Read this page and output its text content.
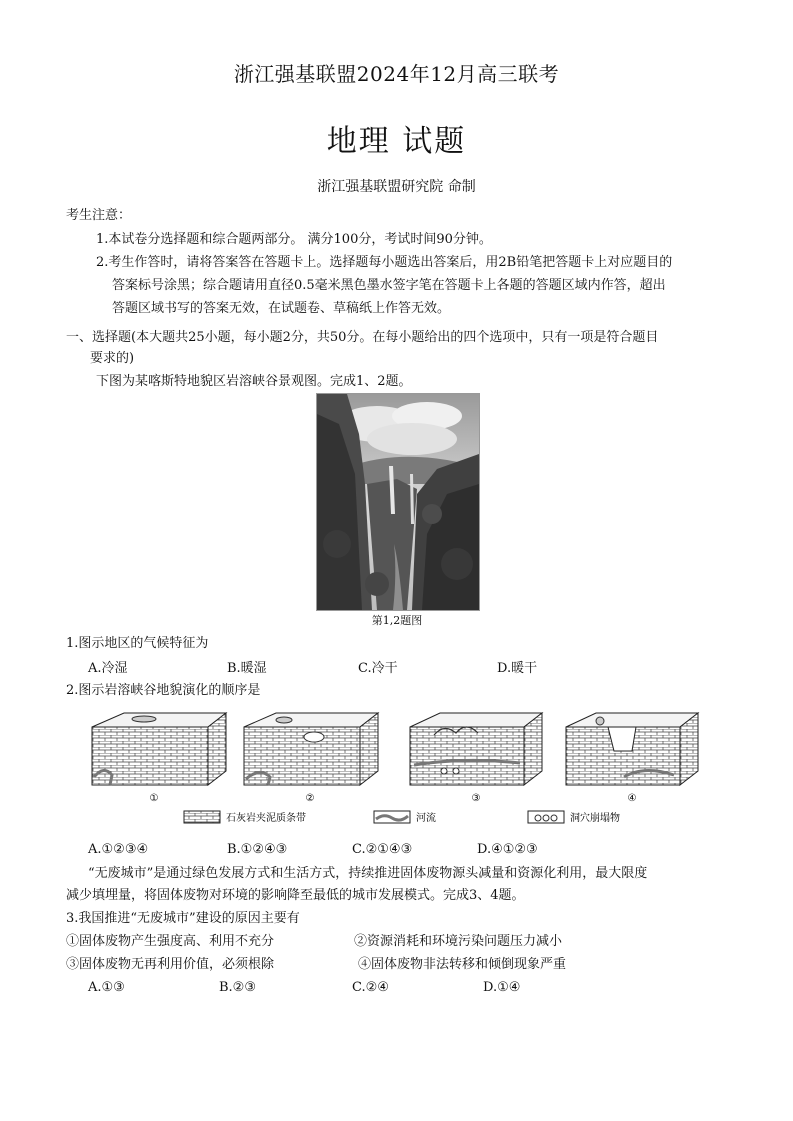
浙江强基联盟2024年12月高三联考
地理 试题
浙江强基联盟研究院 命制
考生注意：
1.本试卷分选择题和综合题两部分。 满分100分，考试时间90分钟。
2.考生作答时，请将答案答在答题卡上。选择题每小题选出答案后，用2B铅笔把答题卡上对应题目的
答案标号涂黑；综合题请用直径0.5毫米黑色墨水签字笔在答题卡上各题的答题区域内作答，超出
答题区域书写的答案无效，在试题卷、草稿纸上作答无效。
一、选择题(本大题共25小题，每小题2分，共50分。在每小题给出的四个选项中，只有一项是符合题目
要求的)
下图为某喀斯特地貌区岩溶峡谷景观图。完成1、2题。
第1,2题图
1.图示地区的气候特征为
A.冷湿	B.暖湿	C.冷干	D.暖干
2.图示岩溶峡谷地貌演化的顺序是
①	②	③	④
石灰岩夹泥质条带	河流	洞穴崩塌物
A.①②③④	B.①②④③	C.②①④③	D.④①②③
“无废城市”是通过绿色发展方式和生活方式，持续推进固体废物源头减量和资源化利用，最大限度
减少填埋量，将固体废物对环境的影响降至最低的城市发展模式。完成3、4题。
3.我国推进“无废城市”建设的原因主要有
①固体废物产生强度高、利用不充分	②资源消耗和环境污染问题压力减小
③固体废物无再利用价值，必须根除	④固体废物非法转移和倾倒现象严重
A.①③	B.②③	C.②④	D.①④
